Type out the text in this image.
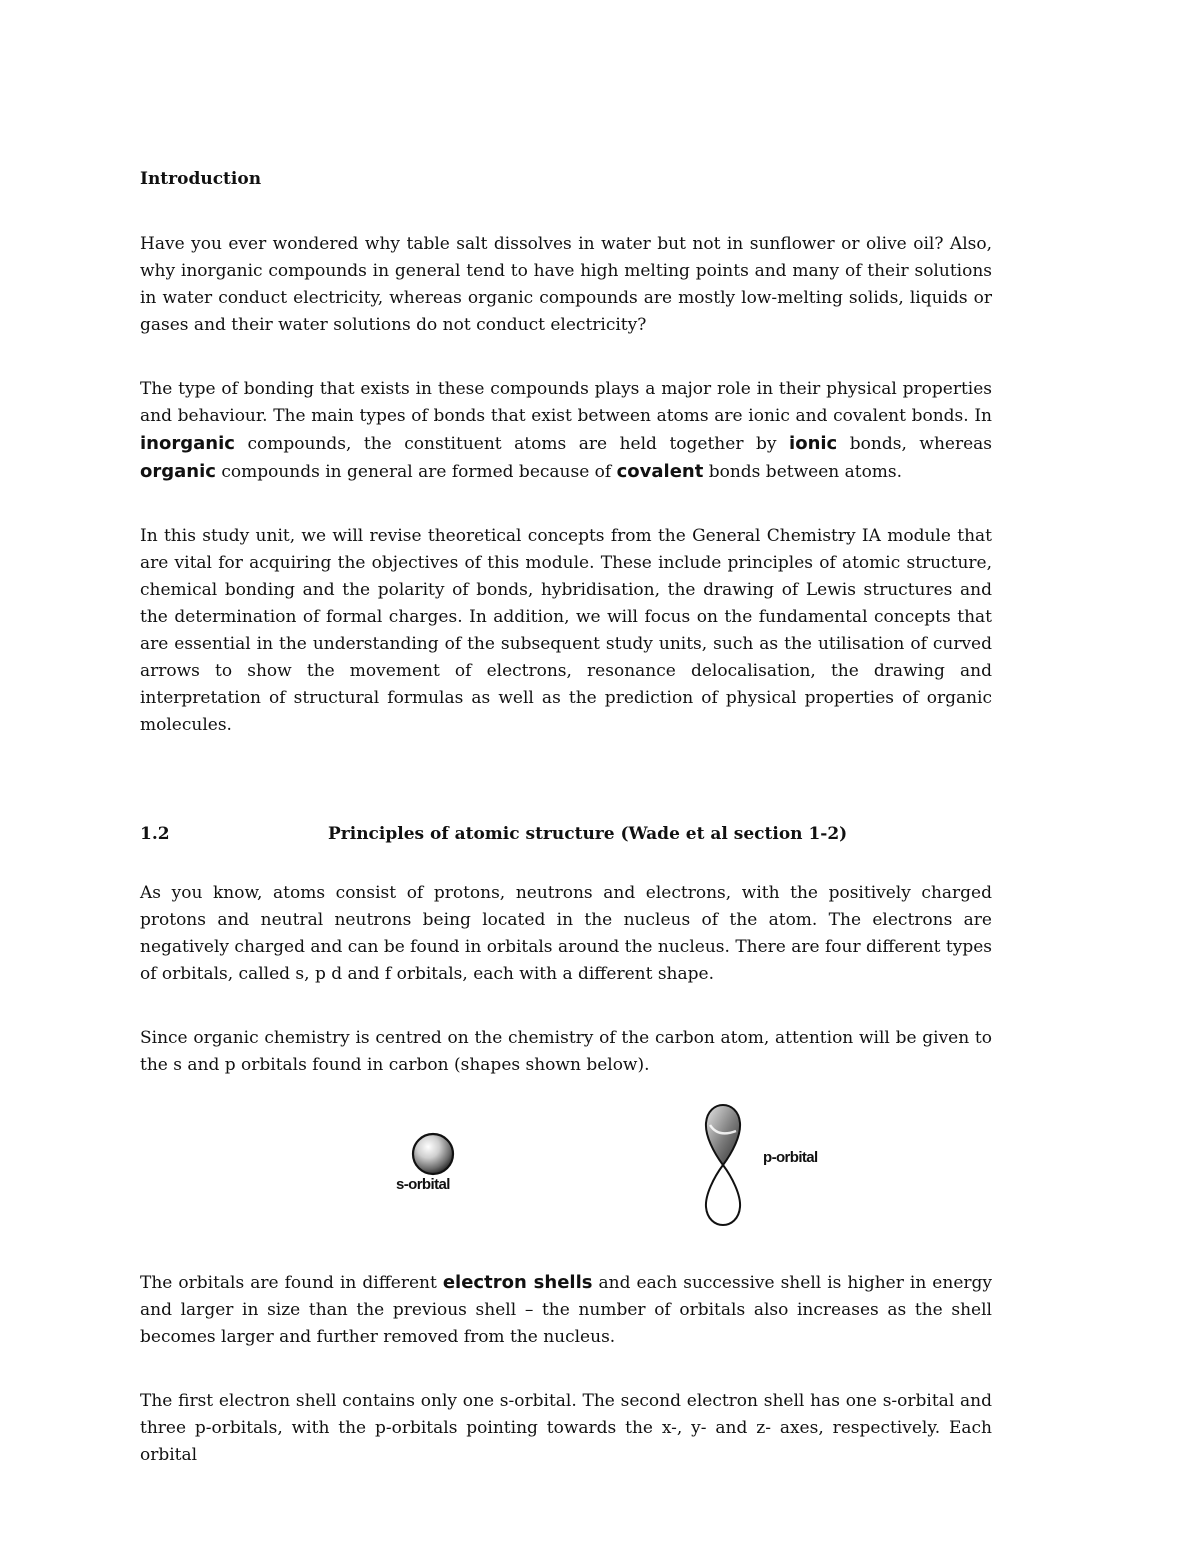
Introduction

Have you ever wondered why table salt dissolves in water but not in sunflower or olive oil? Also, why inorganic compounds in general tend to have high melting points and many of their solutions in water conduct electricity, whereas organic compounds are mostly low-melting solids, liquids or gases and their water solutions do not conduct electricity?

The type of bonding that exists in these compounds plays a major role in their physical properties and behaviour. The main types of bonds that exist between atoms are ionic and covalent bonds. In inorganic compounds, the constituent atoms are held together by ionic bonds, whereas organic compounds in general are formed because of covalent bonds between atoms.

In this study unit, we will revise theoretical concepts from the General Chemistry IA module that are vital for acquiring the objectives of this module. These include principles of atomic structure, chemical bonding and the polarity of bonds, hybridisation, the drawing of Lewis structures and the determination of formal charges. In addition, we will focus on the fundamental concepts that are essential in the understanding of the subsequent study units, such as the utilisation of curved arrows to show the movement of electrons, resonance delocalisation, the drawing and interpretation of structural formulas as well as the prediction of physical properties of organic molecules.

1.2	Principles of atomic structure (Wade et al section 1-2)

As you know, atoms consist of protons, neutrons and electrons, with the positively charged protons and neutral neutrons being located in the nucleus of the atom. The electrons are negatively charged and can be found in orbitals around the nucleus. There are four different types of orbitals, called s, p d and f orbitals, each with a different shape.

Since organic chemistry is centred on the chemistry of the carbon atom, attention will be given to the s and p orbitals found in carbon (shapes shown below).

s-orbital
p-orbital

The orbitals are found in different electron shells and each successive shell is higher in energy and larger in size than the previous shell – the number of orbitals also increases as the shell becomes larger and further removed from the nucleus.

The first electron shell contains only one s-orbital. The second electron shell has one s-orbital and three p-orbitals, with the p-orbitals pointing towards the x-, y- and z- axes, respectively. Each orbital
